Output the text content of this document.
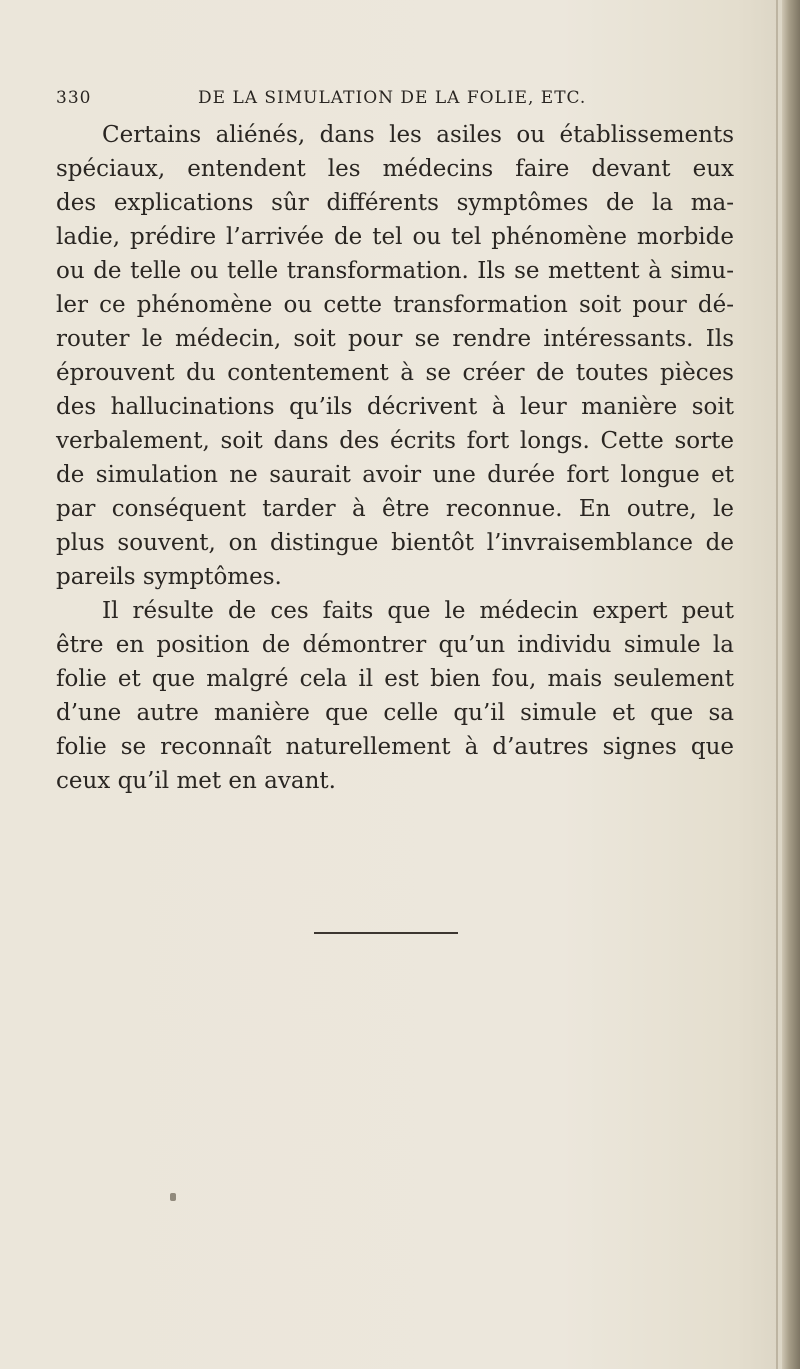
330	DE LA SIMULATION DE LA FOLIE, ETC.
Certains aliénés, dans les asiles ou établissements
spéciaux, entendent les médecins faire devant eux
des explications sûr différents symptômes de la ma-
ladie, prédire l’arrivée de tel ou tel phénomène morbide
ou de telle ou telle transformation. Ils se mettent à simu-
ler ce phénomène ou cette transformation soit pour dé-
router le médecin, soit pour se rendre intéressants. Ils
éprouvent du contentement à se créer de toutes pièces
des hallucinations qu’ils décrivent à leur manière soit
verbalement, soit dans des écrits fort longs. Cette sorte
de simulation ne saurait avoir une durée fort longue et
par conséquent tarder à être reconnue. En outre, le
plus souvent, on distingue bientôt l’invraisemblance de
pareils symptômes.
Il résulte de ces faits que le médecin expert peut
être en position de démontrer qu’un individu simule la
folie et que malgré cela il est bien fou, mais seulement
d’une autre manière que celle qu’il simule et que sa
folie se reconnaît naturellement à d’autres signes que
ceux qu’il met en avant.
